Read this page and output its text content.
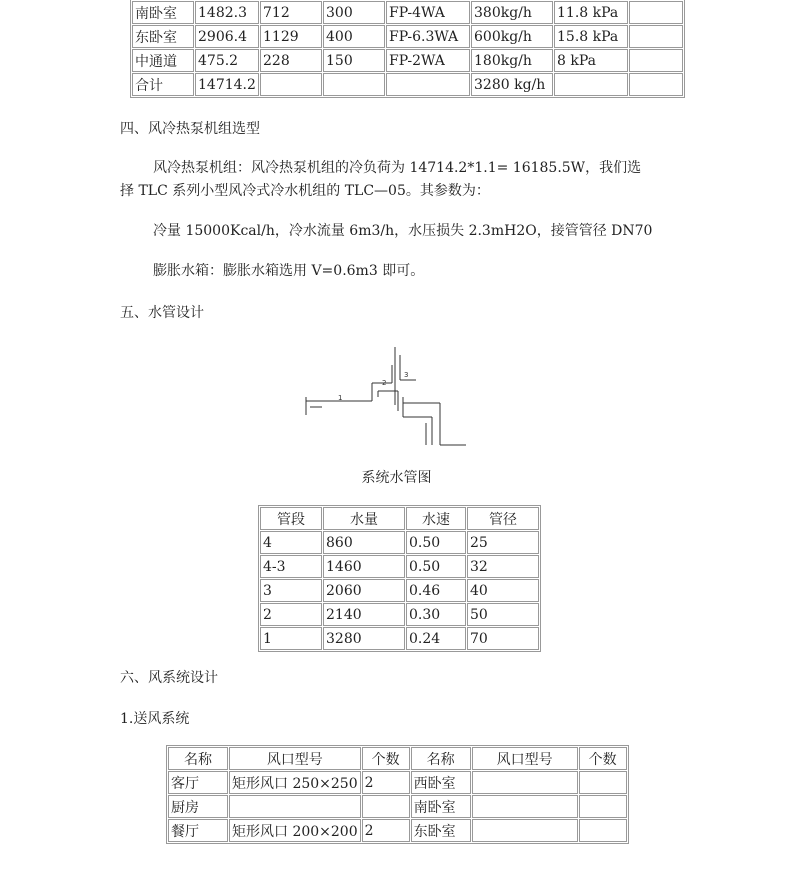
南卧室	1482.3	712	300	FP-4WA	380kg/h	11.8 kPa	
东卧室	2906.4	1129	400	FP-6.3WA	600kg/h	15.8 kPa	
中通道	475.2	228	150	FP-2WA	180kg/h	8 kPa	
合计	14714.2				3280 kg/h		

四、风冷热泵机组选型

风冷热泵机组：风冷热泵机组的冷负荷为 14714.2*1.1= 16185.5W，我们选

择 TLC 系列小型风冷式冷水机组的 TLC—05。其参数为：

冷量 15000Kcal/h，冷水流量 6m3/h，水压损失 2.3mH2O，接管管径 DN70

膨胀水箱：膨胀水箱选用 V=0.6m3 即可。

五、水管设计

1
2
3

系统水管图

管段	水量	水速	管径
4	860	0.50	25
4-3	1460	0.50	32
3	2060	0.46	40
2	2140	0.30	50
1	3280	0.24	70

六、风系统设计

1.送风系统

名称	风口型号	个数	名称	风口型号	个数
客厅	矩形风口 250×250	2	西卧室		
厨房			南卧室		
餐厅	矩形风口 200×200	2	东卧室		
